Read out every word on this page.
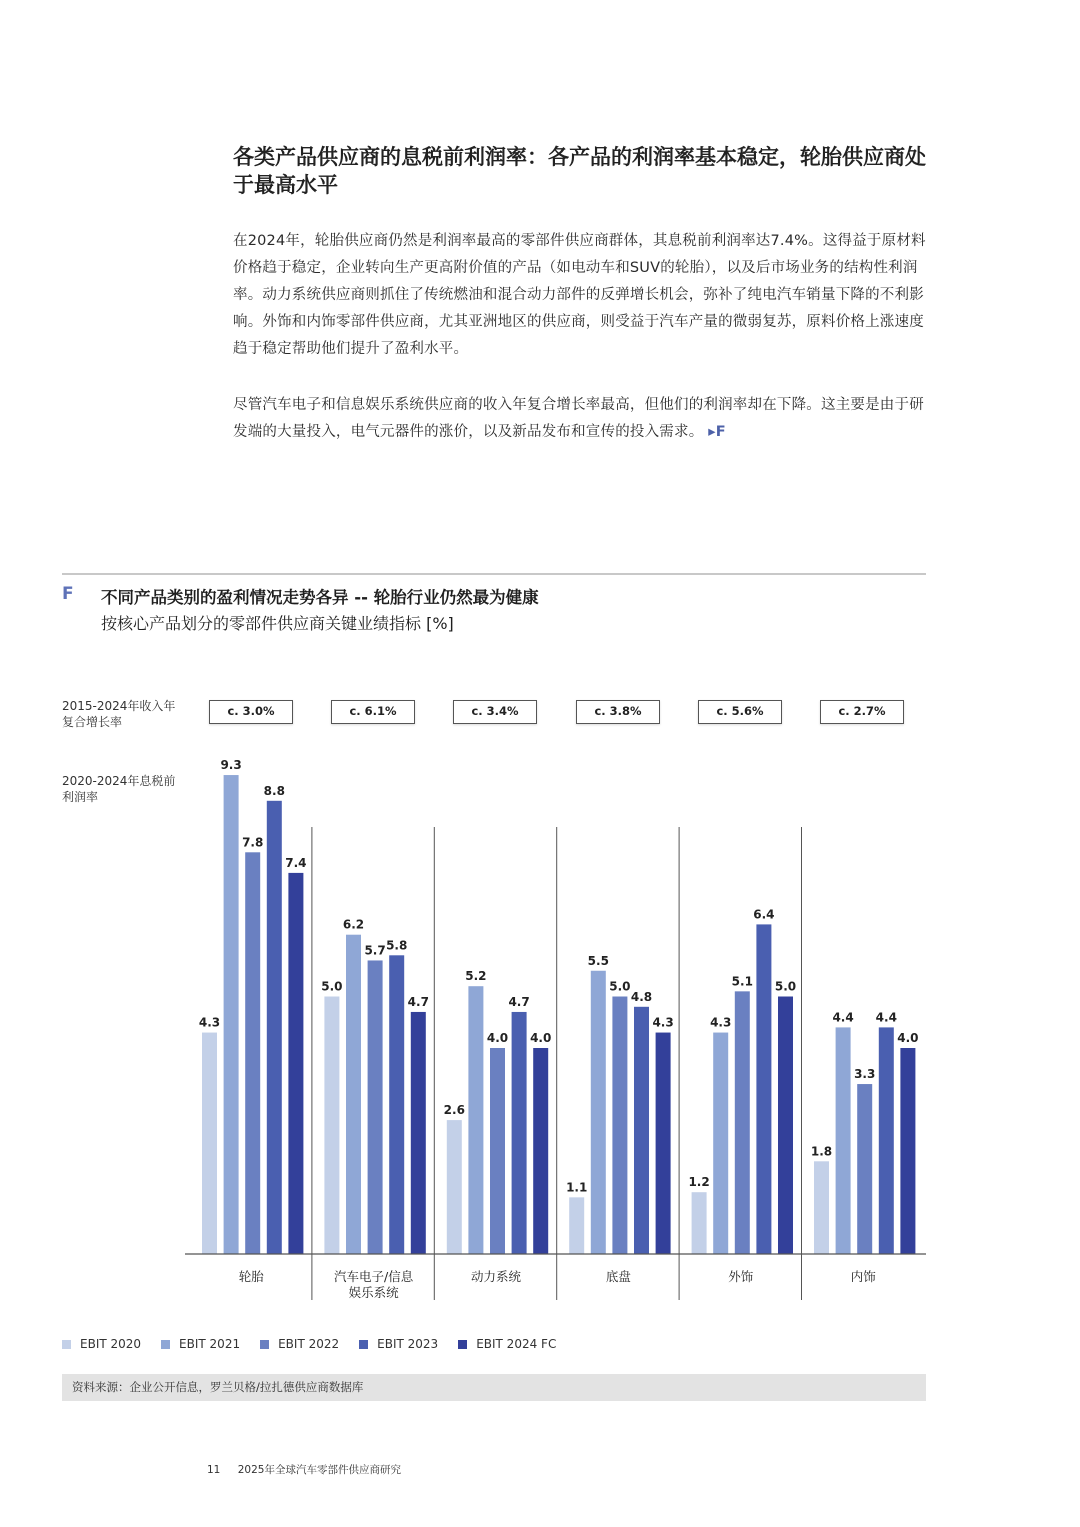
各类产品供应商的息税前利润率：各产品的利润率基本稳定，轮胎供应商处于最高水平
在2024年，轮胎供应商仍然是利润率最高的零部件供应商群体，其息税前利润率达7.4%。这得益于原材料价格趋于稳定，企业转向生产更高附价值的产品（如电动车和SUV的轮胎），以及后市场业务的结构性利润率。动力系统供应商则抓住了传统燃油和混合动力部件的反弹增长机会，弥补了纯电汽车销量下降的不利影响。外饰和内饰零部件供应商，尤其亚洲地区的供应商，则受益于汽车产量的微弱复苏，原料价格上涨速度趋于稳定帮助他们提升了盈利水平。
尽管汽车电子和信息娱乐系统供应商的收入年复合增长率最高，但他们的利润率却在下降。这主要是由于研发端的大量投入，电气元器件的涨价，以及新品发布和宣传的投入需求。 ▸F
F 不同产品类别的盈利情况走势各异 -- 轮胎行业仍然最为健康
按核心产品划分的零部件供应商关键业绩指标 [%]
2015-2024年收入年复合增长率
2020-2024年息税前利润率
c. 3.0%	c. 6.1%	c. 3.4%	c. 3.8%	c. 5.6%	c. 2.7%
4.3
5.0
2.6
1.1	1.2
1.8
9.3
6.2
5.2
5.5
4.3	4.4
7.8
5.7
4.0
5.0	5.1
3.3
8.8
5.8
4.7	4.8
6.4
4.4
7.4
4.7
4.0
4.3
5.0
4.0
轮胎	汽车电子/信息
娱乐系统
动力系统	底盘	外饰	内饰
EBIT 2020	EBIT 2021	EBIT 2022	EBIT 2023	EBIT 2024 FC
资料来源：企业公开信息，罗兰贝格/拉扎德供应商数据库
11 2025年全球汽车零部件供应商研究
